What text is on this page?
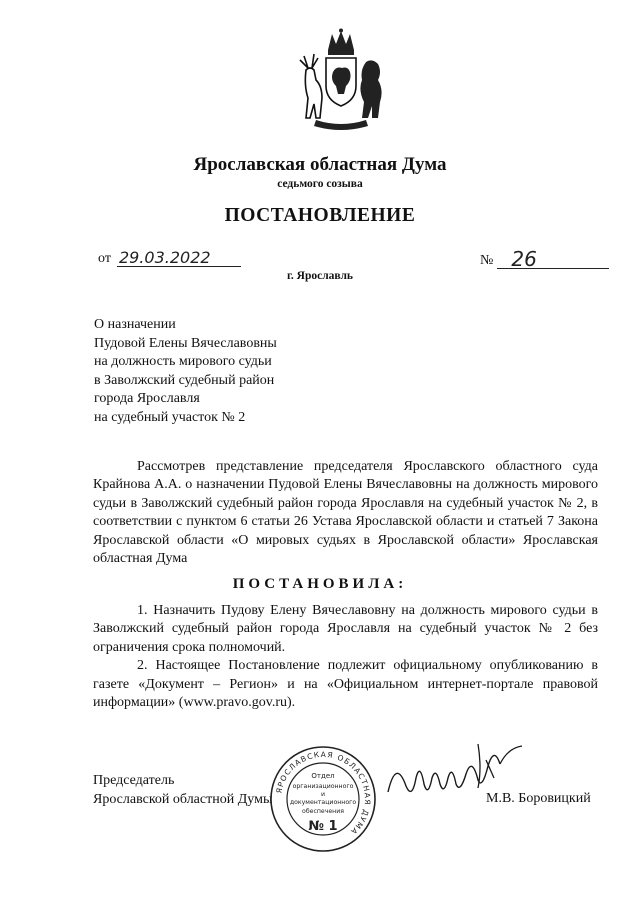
Ярославская областная Дума
седьмого созыва
ПОСТАНОВЛЕНИЕ
от 29.03.2022	№ 26
г. Ярославль
О назначении
Пудовой Елены Вячеславовны
на должность мирового судьи
в Заволжский судебный район
города Ярославля
на судебный участок № 2

Рассмотрев представление председателя Ярославского областного суда Крайнова А.А. о назначении Пудовой Елены Вячеславовны на должность мирового судьи в Заволжский судебный район города Ярославля на судебный участок № 2, в соответствии с пунктом 6 статьи 26 Устава Ярославской области и статьей 7 Закона Ярославской области «О мировых судьях в Ярославской области» Ярославская областная Дума

ПОСТАНОВИЛА:

1. Назначить Пудову Елену Вячеславовну на должность мирового судьи в Заволжский судебный район города Ярославля на судебный участок № 2 без ограничения срока полномочий.

2. Настоящее Постановление подлежит официальному опубликованию в газете «Документ – Регион» и на «Официальном интернет-портале правовой информации» (www.pravo.gov.ru).

Председатель
Ярославской областной Думы
ЯРОСЛАВСКАЯ ОБЛАСТНАЯ ДУМА
Отдел
организационного
и
документационного
обеспечения
№ 1
М.В. Боровицкий
